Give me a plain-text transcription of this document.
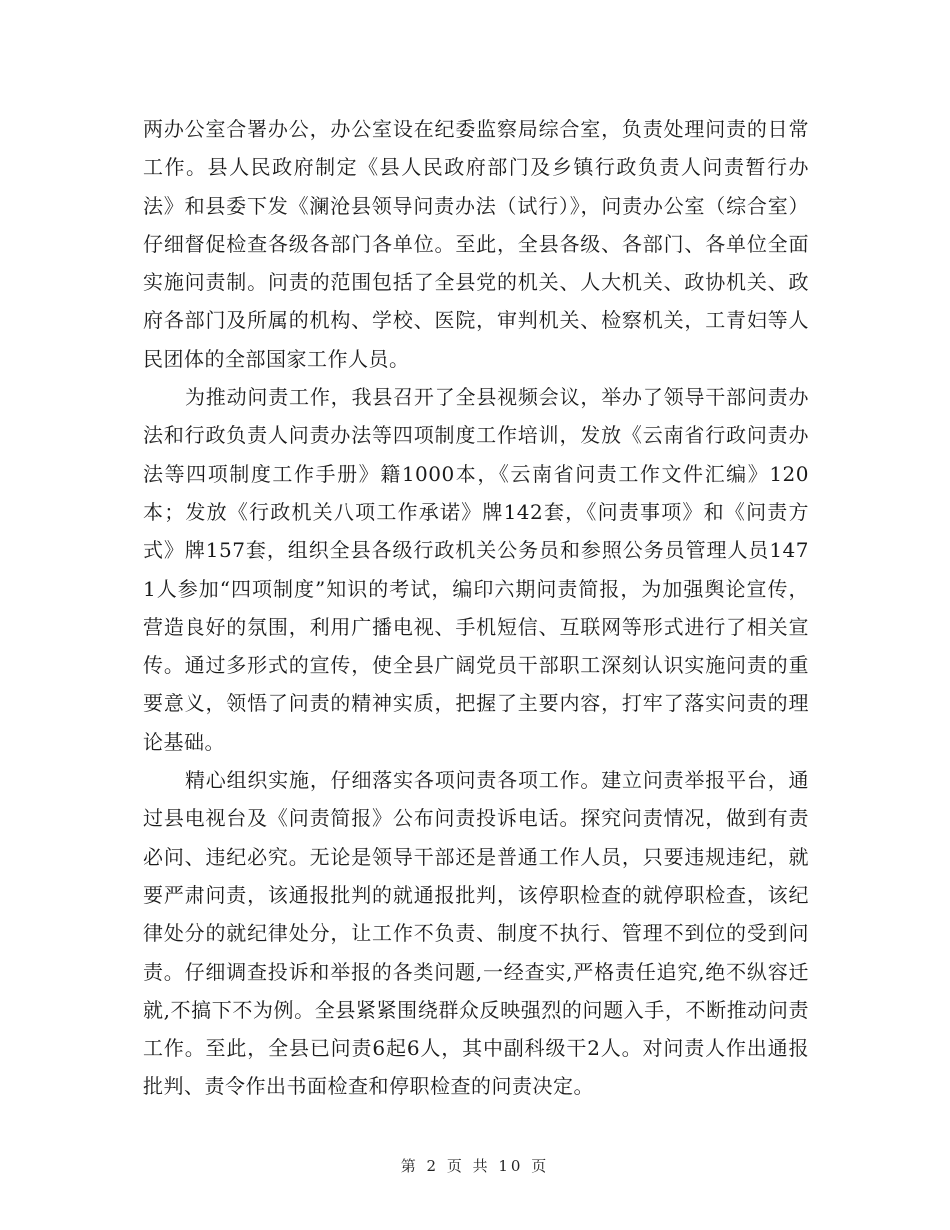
两办公室合署办公，办公室设在纪委监察局综合室，负责处理问责的日常工作。县人民政府制定《县人民政府部门及乡镇行政负责人问责暂行办法》和县委下发《澜沧县领导问责办法（试行）》，问责办公室（综合室）仔细督促检查各级各部门各单位。至此，全县各级、各部门、各单位全面实施问责制。问责的范围包括了全县党的机关、人大机关、政协机关、政府各部门及所属的机构、学校、医院，审判机关、检察机关，工青妇等人民团体的全部国家工作人员。

为推动问责工作，我县召开了全县视频会议，举办了领导干部问责办法和行政负责人问责办法等四项制度工作培训，发放《云南省行政问责办法等四项制度工作手册》籍1000本，《云南省问责工作文件汇编》120本；发放《行政机关八项工作承诺》牌142套，《问责事项》和《问责方式》牌157套，组织全县各级行政机关公务员和参照公务员管理人员1471人参加“四项制度”知识的考试，编印六期问责简报，为加强舆论宣传，营造良好的氛围，利用广播电视、手机短信、互联网等形式进行了相关宣传。通过多形式的宣传，使全县广阔党员干部职工深刻认识实施问责的重要意义，领悟了问责的精神实质，把握了主要内容，打牢了落实问责的理论基础。

精心组织实施，仔细落实各项问责各项工作。建立问责举报平台，通过县电视台及《问责简报》公布问责投诉电话。探究问责情况，做到有责必问、违纪必究。无论是领导干部还是普通工作人员，只要违规违纪，就要严肃问责，该通报批判的就通报批判，该停职检查的就停职检查，该纪律处分的就纪律处分，让工作不负责、制度不执行、管理不到位的受到问责。仔细调查投诉和举报的各类问题,一经查实,严格责任追究,绝不纵容迁就,不搞下不为例。全县紧紧围绕群众反映强烈的问题入手，不断推动问责工作。至此，全县已问责6起6人，其中副科级干2人。对问责人作出通报批判、责令作出书面检查和停职检查的问责决定。

第 2 页 共 10 页
